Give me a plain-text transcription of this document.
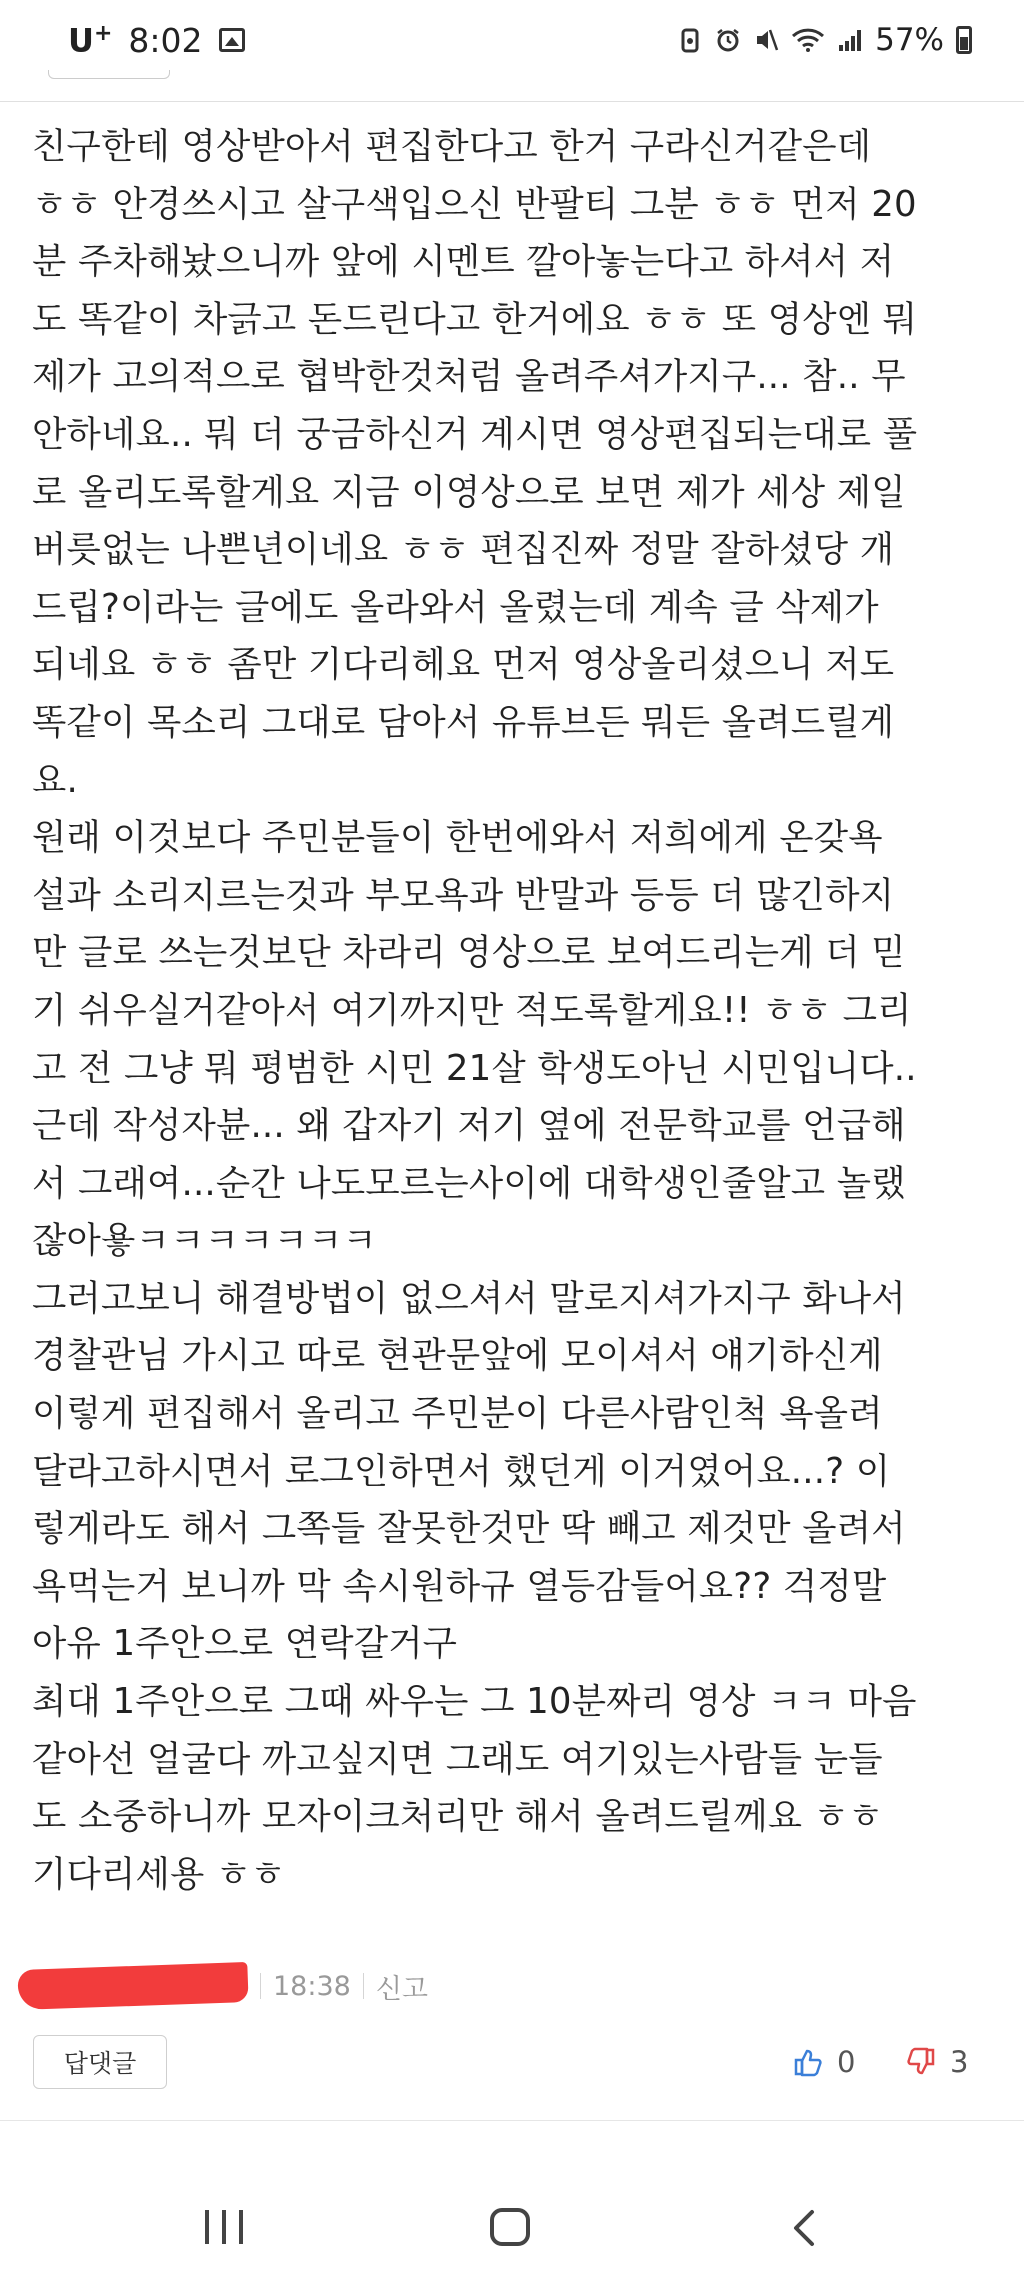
U+ 8:02	57%

친구한테 영상받아서 편집한다고 한거 구라신거같은데

ㅎㅎ 안경쓰시고 살구색입으신 반팔티 그분 ㅎㅎ 먼저 20

분 주차해놨으니까 앞에 시멘트 깔아놓는다고 하셔서 저

도 똑같이 차긁고 돈드린다고 한거에요 ㅎㅎ 또 영상엔 뭐

제가 고의적으로 협박한것처럼 올려주셔가지구... 참.. 무

안하네요.. 뭐 더 궁금하신거 계시면 영상편집되는대로 풀

로 올리도록할게요 지금 이영상으로 보면 제가 세상 제일

버릇없는 나쁜년이네요 ㅎㅎ 편집진짜 정말 잘하셨당 개

드립?이라는 글에도 올라와서 올렸는데 계속 글 삭제가

되네요 ㅎㅎ 좀만 기다리헤요 먼저 영상올리셨으니 저도

똑같이 목소리 그대로 담아서 유튜브든 뭐든 올려드릴게

요.

원래 이것보다 주민분들이 한번에와서 저희에게 온갖욕

설과 소리지르는것과 부모욕과 반말과 등등 더 많긴하지

만 글로 쓰는것보단 차라리 영상으로 보여드리는게 더 믿

기 쉬우실거같아서 여기까지만 적도록할게요!! ㅎㅎ 그리

고 전 그냥 뭐 평범한 시민 21살 학생도아닌 시민입니다..

근데 작성자뷴... 왜 갑자기 저기 옆에 전문학교를 언급해

서 그래여...순간 나도모르는사이에 대학생인줄알고 놀랬

잖아욯ㅋㅋㅋㅋㅋㅋㅋ

그러고보니 해결방법이 없으셔서 말로지셔가지구 화나서

경찰관님 가시고 따로 현관문앞에 모이셔서 얘기하신게

이렇게 편집해서 올리고 주민분이 다른사람인척 욕올려

달라고하시면서 로그인하면서 했던게 이거였어요...? 이

렇게라도 해서 그쪽들 잘못한것만 딱 빼고 제것만 올려서

욕먹는거 보니까 막 속시원하규 열등감들어요?? 걱정말

아유 1주안으로 연락갈거구

최대 1주안으로 그때 싸우는 그 10분짜리 영상 ㅋㅋ 마음

같아선 얼굴다 까고싶지면 그래도 여기있는사람들 눈들

도 소중하니까 모자이크처리만 해서 올려드릴께요 ㅎㅎ

기다리세용 ㅎㅎ

18:38 신고
답댓글	0	3
